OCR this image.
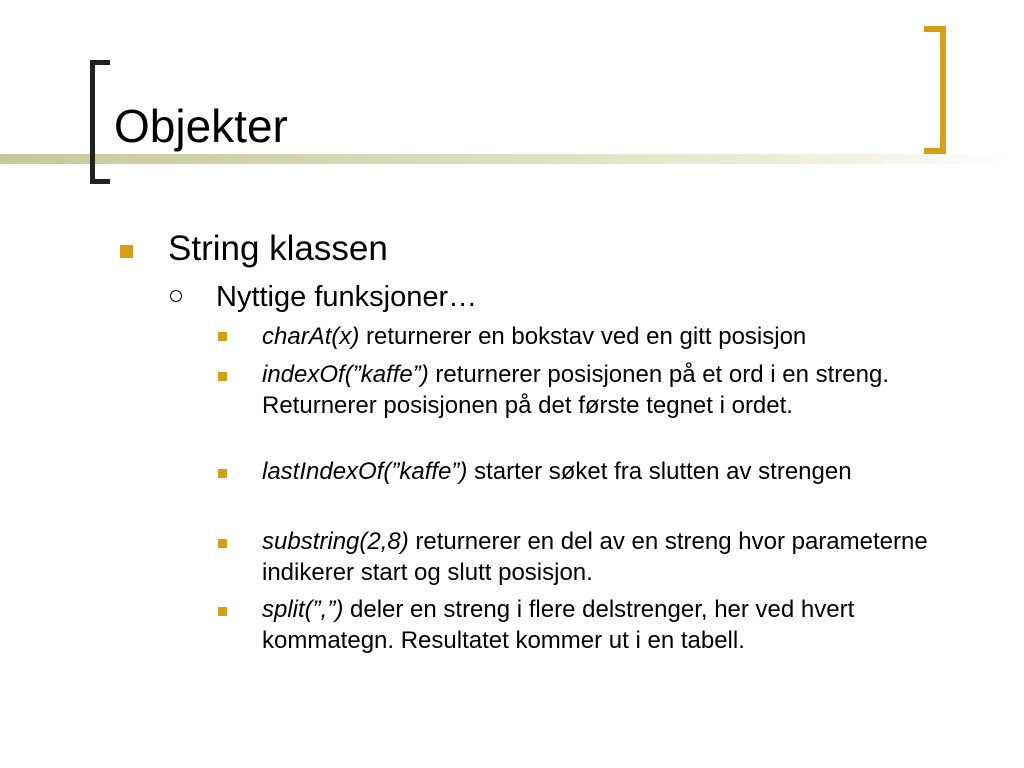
Objekter
String klassen
Nyttige funksjoner…
charAt(x) returnerer en bokstav ved en gitt posisjon
indexOf(”kaffe”) returnerer posisjonen på et ord i en streng. Returnerer posisjonen på det første tegnet i ordet.
lastIndexOf(”kaffe”) starter søket fra slutten av strengen
substring(2,8) returnerer en del av en streng hvor parameterne indikerer start og slutt posisjon.
split(”,”) deler en streng i flere delstrenger, her ved hvert kommategn. Resultatet kommer ut i en tabell.
